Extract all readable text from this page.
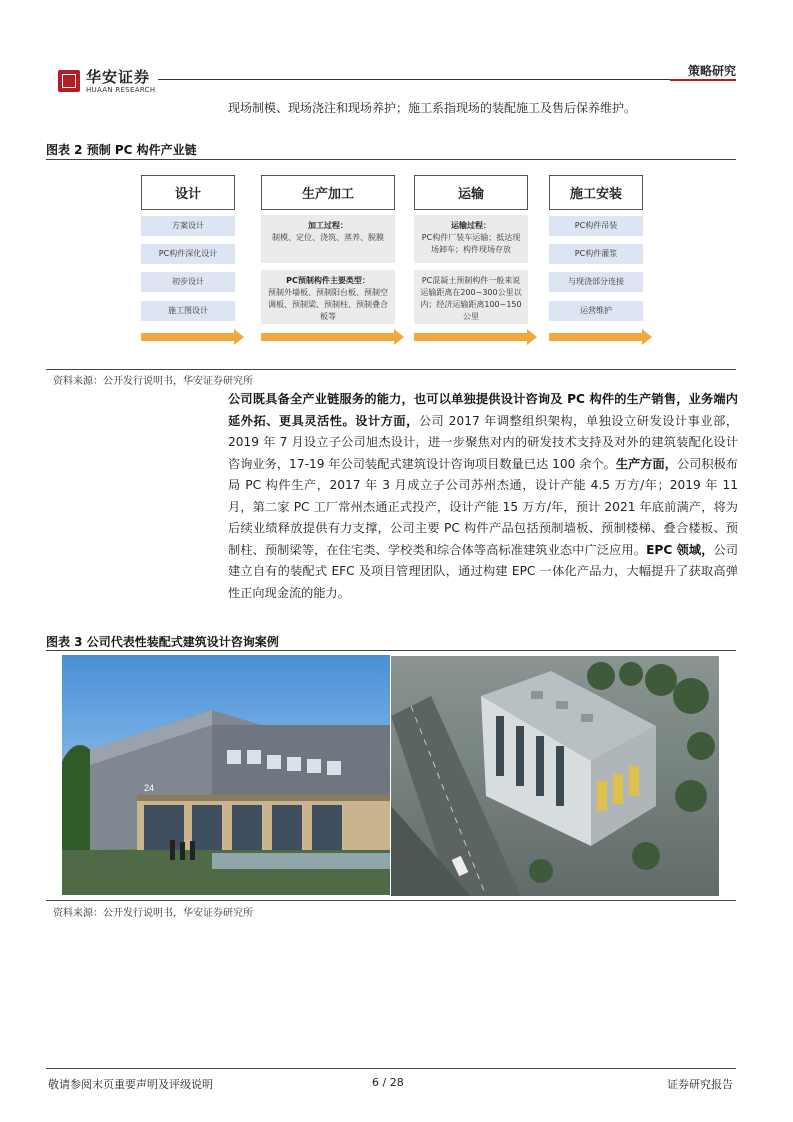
华安证券
HUAAN RESEARCH
策略研究
现场制模、现场浇注和现场养护；施工系指现场的装配施工及售后保养维护。
图表 2 预制 PC 构件产业链
设计
方案设计
PC构件深化设计
初步设计
施工图设计
生产加工
加工过程：
制模、定位、浇筑、蒸养、脱膜
PC预制构件主要类型：
预制外墙板、预制阳台板、预制空调板、预制梁、预制柱、预制叠合板等
运输
运输过程：
PC构件厂装车运输；抵达现场卸车；构件现场存放
PC混凝土预制构件一般来说运输距离在200~300公里以内；经济运输距离100~150公里
施工安装
PC构件吊装
PC构件灌浆
与现浇部分连接
运营维护
资料来源：公开发行说明书，华安证券研究所
公司既具备全产业链服务的能力，也可以单独提供设计咨询及 PC 构件的生产销售，业务端内延外拓、更具灵活性。设计方面，公司 2017 年调整组织架构，单独设立研发设计事业部，2019 年 7 月设立子公司旭杰设计，进一步聚焦对内的研发技术支持及对外的建筑装配化设计咨询业务，17-19 年公司装配式建筑设计咨询项目数量已达 100 余个。生产方面，公司积极布局 PC 构件生产，2017 年 3 月成立子公司苏州杰通，设计产能 4.5 万方/年；2019 年 11 月，第二家 PC 工厂常州杰通正式投产，设计产能 15 万方/年，预计 2021 年底前满产，将为后续业绩释放提供有力支撑，公司主要 PC 构件产品包括预制墙板、预制楼梯、叠合楼板、预制柱、预制梁等，在住宅类、学校类和综合体等高标准建筑业态中广泛应用。EPC 领域，公司建立自有的装配式 EFC 及项目管理团队，通过构建 EPC 一体化产品力，大幅提升了获取高弹性正向现金流的能力。
图表 3 公司代表性装配式建筑设计咨询案例
24
资料来源：公开发行说明书，华安证券研究所
敬请参阅末页重要声明及评级说明	6 / 28	证券研究报告
